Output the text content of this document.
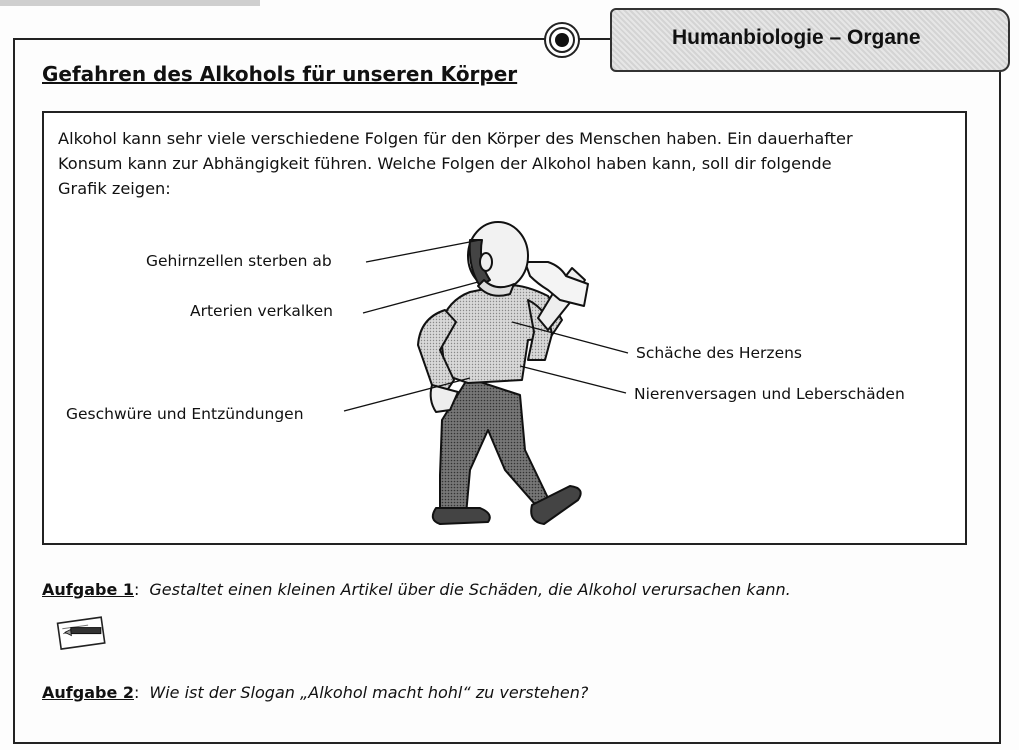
Humanbiologie – Organe
Gefahren des Alkohols für unseren Körper
Alkohol kann sehr viele verschiedene Folgen für den Körper des Menschen haben. Ein dauerhafter
Konsum kann zur Abhängigkeit führen. Welche Folgen der Alkohol haben kann, soll dir folgende
Grafik zeigen:
Gehirnzellen sterben ab
Arterien verkalken
Geschwüre und Entzündungen
Schäche des Herzens
Nierenversagen und Leberschäden
Aufgabe 1: Gestaltet einen kleinen Artikel über die Schäden, die Alkohol verursachen kann.
Aufgabe 2: Wie ist der Slogan „Alkohol macht hohl“ zu verstehen?
